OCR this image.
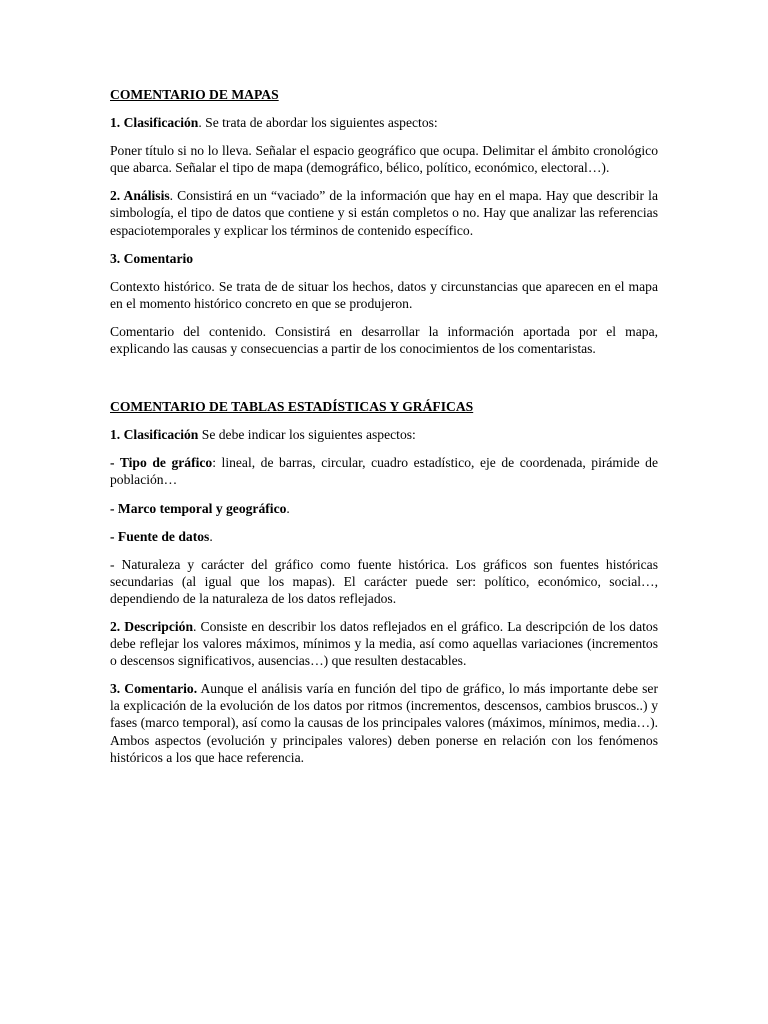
COMENTARIO DE MAPAS

1. Clasificación. Se trata de abordar los siguientes aspectos:

Poner título si no lo lleva. Señalar el espacio geográfico que ocupa. Delimitar el ámbito cronológico que abarca. Señalar el tipo de mapa (demográfico, bélico, político, económico, electoral…).

2. Análisis. Consistirá en un “vaciado” de la información que hay en el mapa. Hay que describir la simbología, el tipo de datos que contiene y si están completos o no. Hay que analizar las referencias espaciotemporales y explicar los términos de contenido específico.

3. Comentario

Contexto histórico. Se trata de de situar los hechos, datos y circunstancias que aparecen en el mapa en el momento histórico concreto en que se produjeron.

Comentario del contenido. Consistirá en desarrollar la información aportada por el mapa, explicando las causas y consecuencias a partir de los conocimientos de los comentaristas.

COMENTARIO DE TABLAS ESTADÍSTICAS Y GRÁFICAS

1. Clasificación Se debe indicar los siguientes aspectos:

- Tipo de gráfico: lineal, de barras, circular, cuadro estadístico, eje de coordenada, pirámide de población…

- Marco temporal y geográfico.

- Fuente de datos.

- Naturaleza y carácter del gráfico como fuente histórica. Los gráficos son fuentes históricas secundarias (al igual que los mapas). El carácter puede ser: político, económico, social…, dependiendo de la naturaleza de los datos reflejados.

2. Descripción. Consiste en describir los datos reflejados en el gráfico. La descripción de los datos debe reflejar los valores máximos, mínimos y la media, así como aquellas variaciones (incrementos o descensos significativos, ausencias…) que resulten destacables.

3. Comentario. Aunque el análisis varía en función del tipo de gráfico, lo más importante debe ser la explicación de la evolución de los datos por ritmos (incrementos, descensos, cambios bruscos..) y fases (marco temporal), así como la causas de los principales valores (máximos, mínimos, media…). Ambos aspectos (evolución y principales valores) deben ponerse en relación con los fenómenos históricos a los que hace referencia.
